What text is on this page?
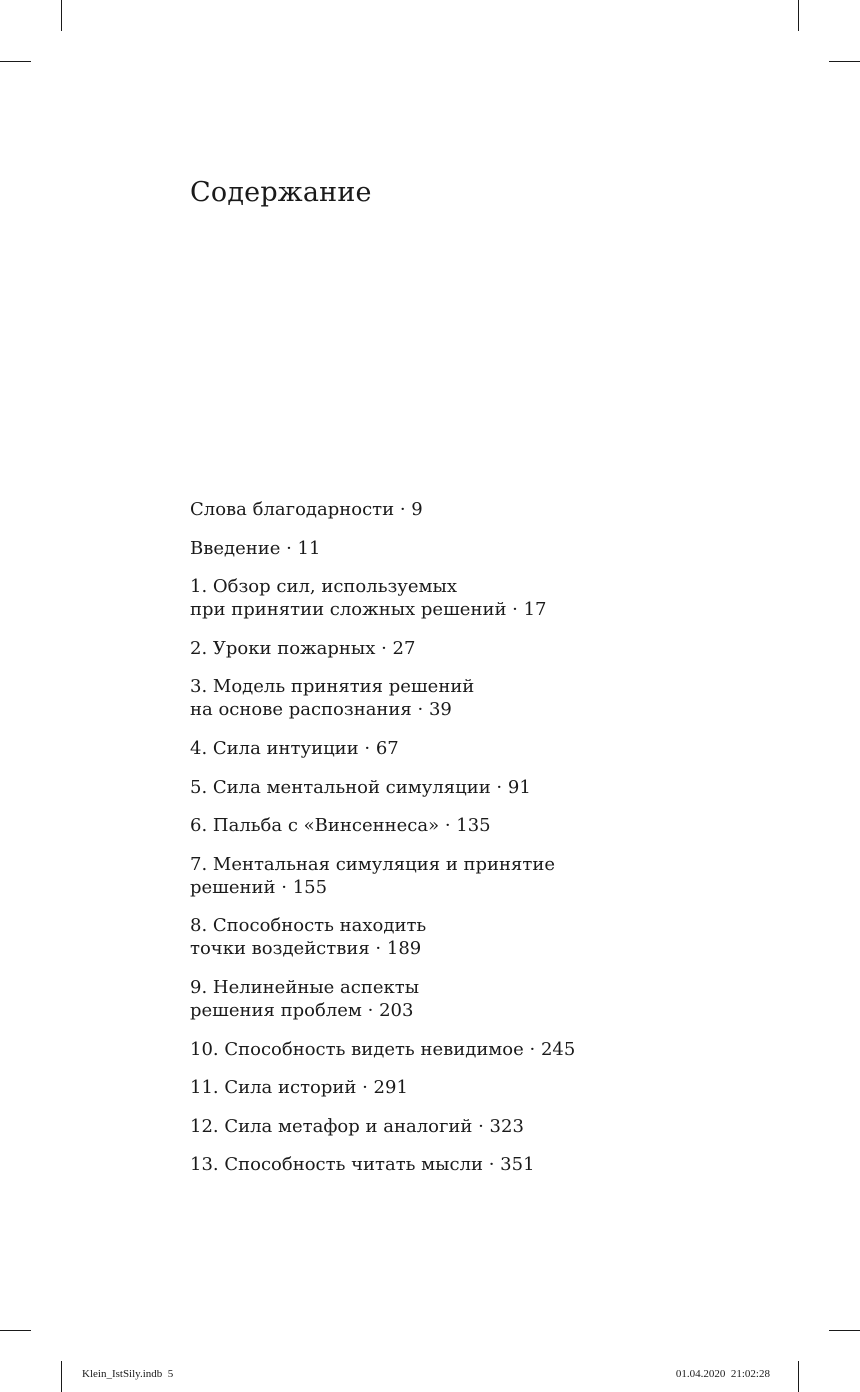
Содержание
Слова благодарности · 9
Введение · 11
1. Обзор сил, используемых
при принятии сложных решений · 17
2. Уроки пожарных · 27
3. Модель принятия решений
на основе распознания · 39
4. Сила интуиции · 67
5. Сила ментальной симуляции · 91
6. Пальба с «Винсеннеса» · 135
7. Ментальная симуляция и принятие
решений · 155
8. Способность находить
точки воздействия · 189
9. Нелинейные аспекты
решения проблем · 203
10. Способность видеть невидимое · 245
11. Сила историй · 291
12. Сила метафор и аналогий · 323
13. Способность читать мысли · 351
Klein_IstSily.indb  5	01.04.2020  21:02:28
